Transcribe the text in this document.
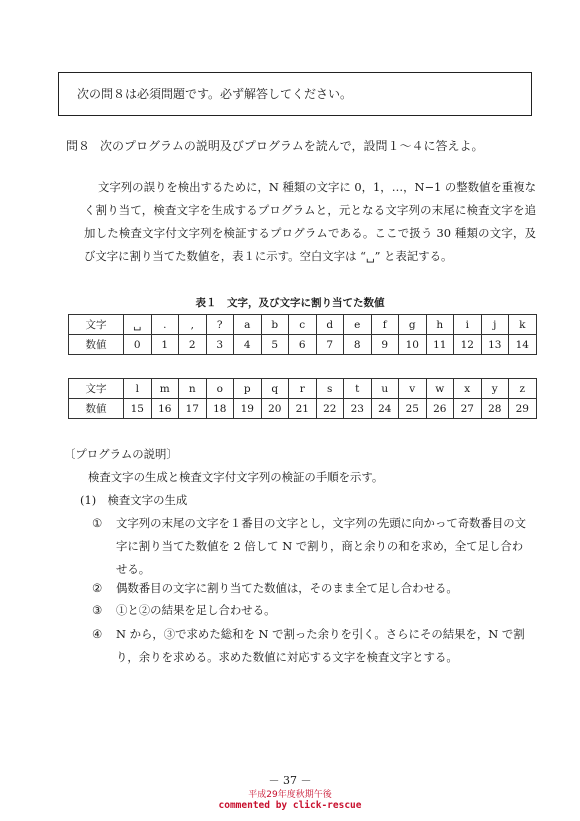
次の問８は必須問題です。必ず解答してください。
問８ 次のプログラムの説明及びプログラムを読んで，設問１～４に答えよ。

文字列の誤りを検出するために，N 種類の文字に 0，1，…，N−1 の整数値を重複なく割り当て，検査文字を生成するプログラムと，元となる文字列の末尾に検査文字を追加した検査文字付文字列を検証するプログラムである。ここで扱う 30 種類の文字，及び文字に割り当てた数値を，表１に示す。空白文字は “␣” と表記する。

表１　文字，及び文字に割り当てた数値
文字	␣	.	,	?	a	b	c	d	e	f	g	h	i	j	k
数値	0	1	2	3	4	5	6	7	8	9	10	11	12	13	14
文字	l	m	n	o	p	q	r	s	t	u	v	w	x	y	z
数値	15	16	17	18	19	20	21	22	23	24	25	26	27	28	29
〔プログラムの説明〕
検査文字の生成と検査文字付文字列の検証の手順を示す。
(1)　検査文字の生成
① 文字列の末尾の文字を１番目の文字とし，文字列の先頭に向かって奇数番目の文字に割り当てた数値を 2 倍して N で割り，商と余りの和を求め，全て足し合わせる。
② 偶数番目の文字に割り当てた数値は，そのまま全て足し合わせる。
③ ①と②の結果を足し合わせる。
④ N から，③で求めた総和を N で割った余りを引く。さらにその結果を，N で割り，余りを求める。求めた数値に対応する文字を検査文字とする。
－ 37 －
平成29年度秋期午後
commented by click-rescue
